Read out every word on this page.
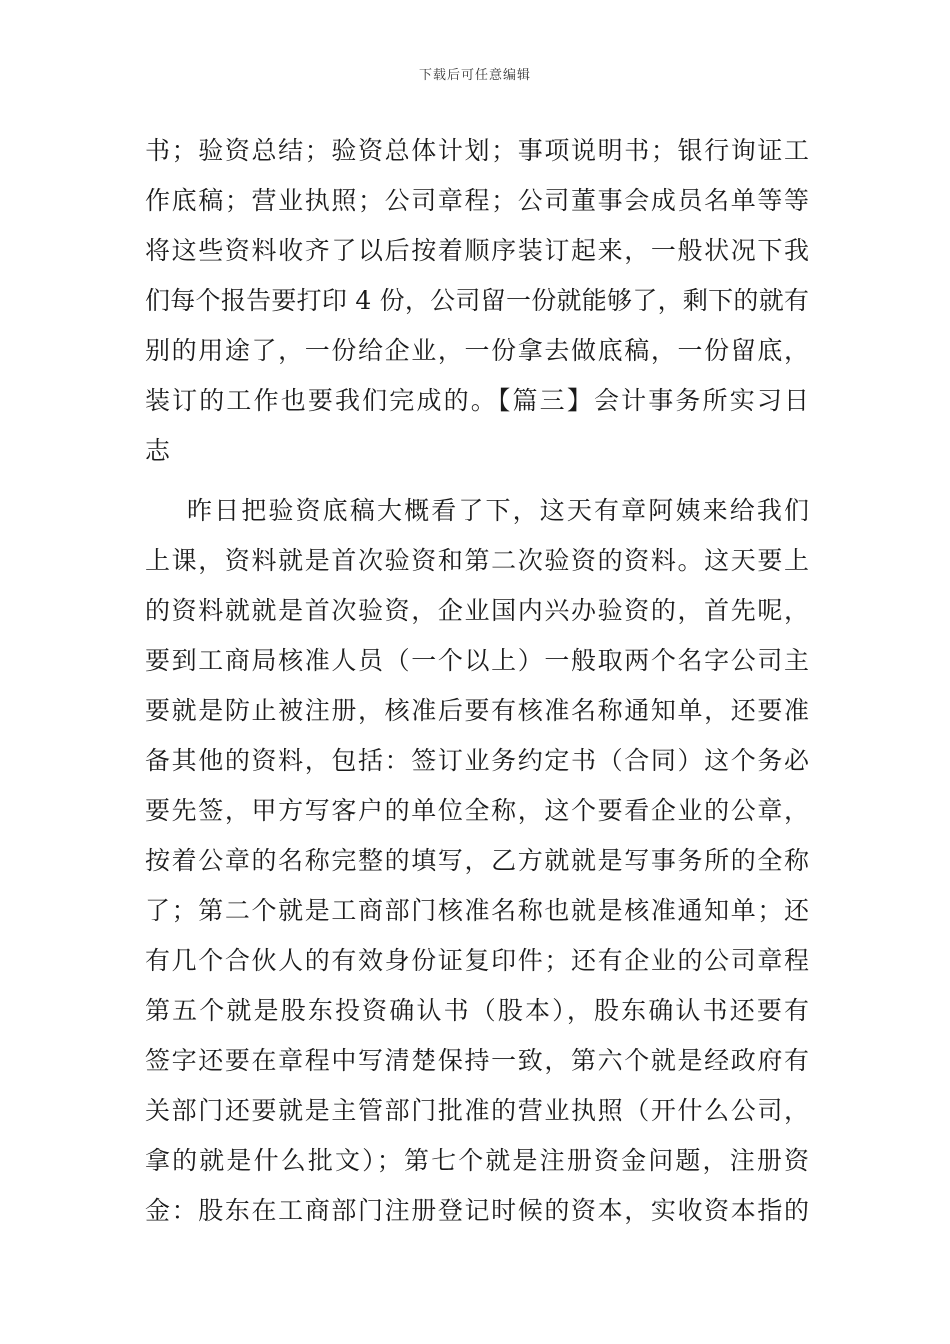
下载后可任意编辑
书；验资总结；验资总体计划；事项说明书；银行询证工
作底稿；营业执照；公司章程；公司董事会成员名单等等
将这些资料收齐了以后按着顺序装订起来，一般状况下我
们每个报告要打印 4 份，公司留一份就能够了，剩下的就有
别的用途了，一份给企业，一份拿去做底稿，一份留底，
装订的工作也要我们完成的。【篇三】会计事务所实习日
志
昨日把验资底稿大概看了下，这天有章阿姨来给我们
上课，资料就是首次验资和第二次验资的资料。这天要上
的资料就就是首次验资，企业国内兴办验资的，首先呢，
要到工商局核准人员（一个以上）一般取两个名字公司主
要就是防止被注册，核准后要有核准名称通知单，还要准
备其他的资料，包括：签订业务约定书（合同）这个务必
要先签，甲方写客户的单位全称，这个要看企业的公章，
按着公章的名称完整的填写，乙方就就是写事务所的全称
了；第二个就是工商部门核准名称也就是核准通知单；还
有几个合伙人的有效身份证复印件；还有企业的公司章程
第五个就是股东投资确认书（股本），股东确认书还要有
签字还要在章程中写清楚保持一致，第六个就是经政府有
关部门还要就是主管部门批准的营业执照（开什么公司，
拿的就是什么批文）；第七个就是注册资金问题，注册资
金：股东在工商部门注册登记时候的资本，实收资本指的
